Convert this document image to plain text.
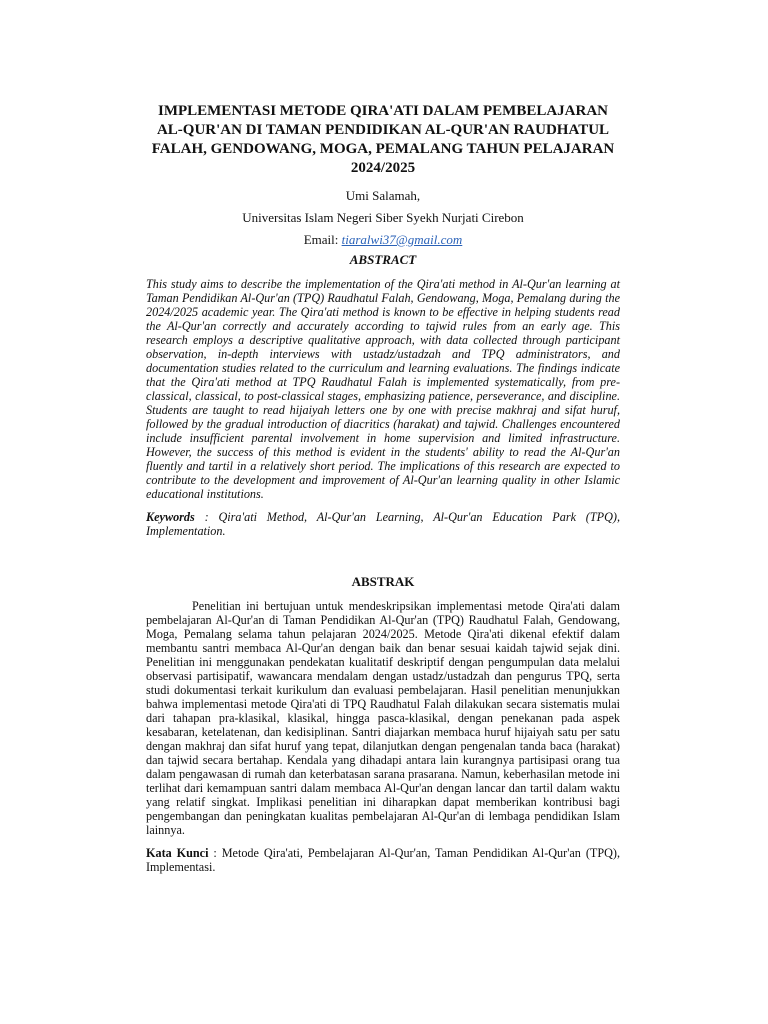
IMPLEMENTASI METODE QIRA'ATI DALAM PEMBELAJARAN AL-QUR'AN DI TAMAN PENDIDIKAN AL-QUR'AN RAUDHATUL FALAH, GENDOWANG, MOGA, PEMALANG TAHUN PELAJARAN 2024/2025
Umi Salamah,
Universitas Islam Negeri Siber Syekh Nurjati Cirebon
Email: tiaralwi37@gmail.com
ABSTRACT
This study aims to describe the implementation of the Qira'ati method in Al-Qur'an learning at Taman Pendidikan Al-Qur'an (TPQ) Raudhatul Falah, Gendowang, Moga, Pemalang during the 2024/2025 academic year. The Qira'ati method is known to be effective in helping students read the Al-Qur'an correctly and accurately according to tajwid rules from an early age. This research employs a descriptive qualitative approach, with data collected through participant observation, in-depth interviews with ustadz/ustadzah and TPQ administrators, and documentation studies related to the curriculum and learning evaluations. The findings indicate that the Qira'ati method at TPQ Raudhatul Falah is implemented systematically, from pre-classical, classical, to post-classical stages, emphasizing patience, perseverance, and discipline. Students are taught to read hijaiyah letters one by one with precise makhraj and sifat huruf, followed by the gradual introduction of diacritics (harakat) and tajwid. Challenges encountered include insufficient parental involvement in home supervision and limited infrastructure. However, the success of this method is evident in the students' ability to read the Al-Qur'an fluently and tartil in a relatively short period. The implications of this research are expected to contribute to the development and improvement of Al-Qur'an learning quality in other Islamic educational institutions.
Keywords : Qira'ati Method, Al-Qur'an Learning, Al-Qur'an Education Park (TPQ), Implementation.
ABSTRAK
Penelitian ini bertujuan untuk mendeskripsikan implementasi metode Qira'ati dalam pembelajaran Al-Qur'an di Taman Pendidikan Al-Qur'an (TPQ) Raudhatul Falah, Gendowang, Moga, Pemalang selama tahun pelajaran 2024/2025. Metode Qira'ati dikenal efektif dalam membantu santri membaca Al-Qur'an dengan baik dan benar sesuai kaidah tajwid sejak dini. Penelitian ini menggunakan pendekatan kualitatif deskriptif dengan pengumpulan data melalui observasi partisipatif, wawancara mendalam dengan ustadz/ustadzah dan pengurus TPQ, serta studi dokumentasi terkait kurikulum dan evaluasi pembelajaran. Hasil penelitian menunjukkan bahwa implementasi metode Qira'ati di TPQ Raudhatul Falah dilakukan secara sistematis mulai dari tahapan pra-klasikal, klasikal, hingga pasca-klasikal, dengan penekanan pada aspek kesabaran, ketelatenan, dan kedisiplinan. Santri diajarkan membaca huruf hijaiyah satu per satu dengan makhraj dan sifat huruf yang tepat, dilanjutkan dengan pengenalan tanda baca (harakat) dan tajwid secara bertahap. Kendala yang dihadapi antara lain kurangnya partisipasi orang tua dalam pengawasan di rumah dan keterbatasan sarana prasarana. Namun, keberhasilan metode ini terlihat dari kemampuan santri dalam membaca Al-Qur'an dengan lancar dan tartil dalam waktu yang relatif singkat. Implikasi penelitian ini diharapkan dapat memberikan kontribusi bagi pengembangan dan peningkatan kualitas pembelajaran Al-Qur'an di lembaga pendidikan Islam lainnya.
Kata Kunci : Metode Qira'ati, Pembelajaran Al-Qur'an, Taman Pendidikan Al-Qur'an (TPQ), Implementasi.
